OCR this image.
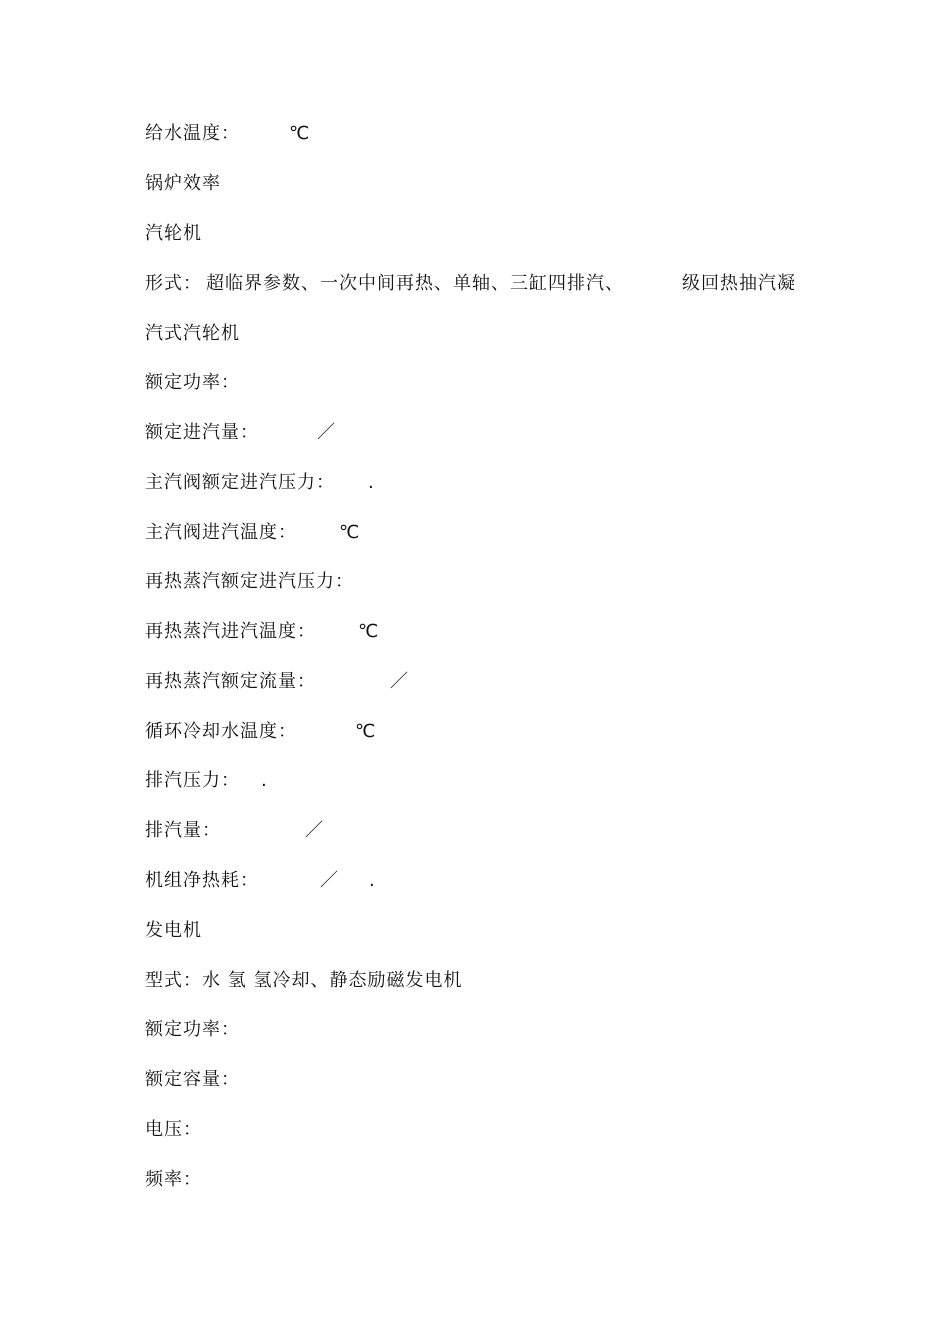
给水温度：	℃
锅炉效率
汽轮机
形式： 超临界参数、一次中间再热、单轴、三缸四排汽、	级回热抽汽凝
汽式汽轮机
额定功率：
额定进汽量：	／
主汽阀额定进汽压力： .
主汽阀进汽温度： ℃
再热蒸汽额定进汽压力：
再热蒸汽进汽温度： ℃
再热蒸汽额定流量：	／
循环冷却水温度：	℃
排汽压力： .
排汽量：	／
机组净热耗：	／ .
发电机
型式： 水 氢 氢冷却、静态励磁发电机
额定功率：
额定容量：
电压：
频率：
